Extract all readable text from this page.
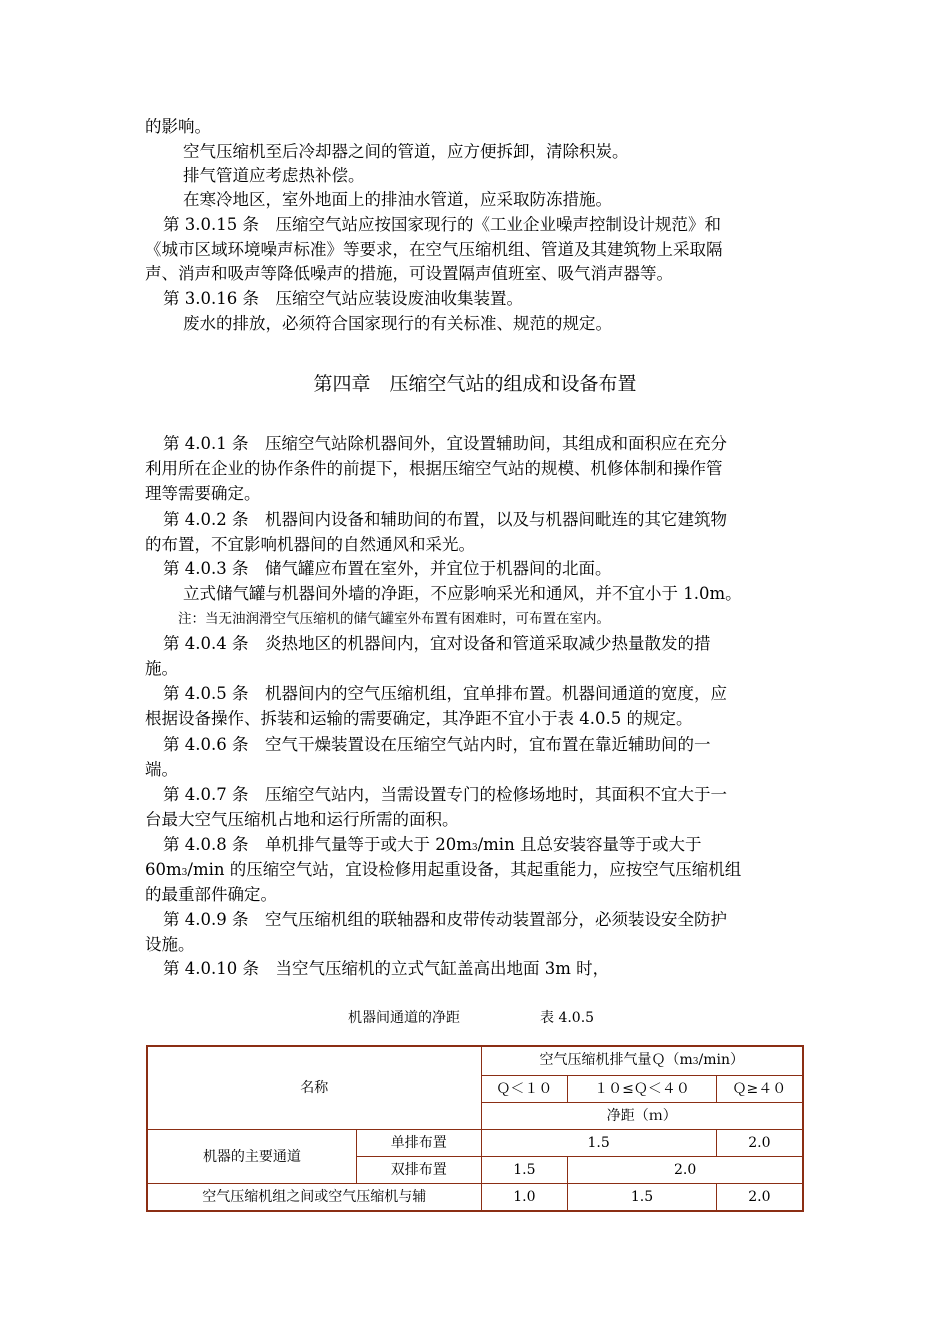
的影响。
空气压缩机至后冷却器之间的管道，应方便拆卸，清除积炭。
排气管道应考虑热补偿。
在寒冷地区，室外地面上的排油水管道，应采取防冻措施。
第 3.0.15 条　压缩空气站应按国家现行的《工业企业噪声控制设计规范》和
《城市区域环境噪声标准》等要求，在空气压缩机组、管道及其建筑物上采取隔
声、消声和吸声等降低噪声的措施，可设置隔声值班室、吸气消声器等。
第 3.0.16 条　压缩空气站应装设废油收集装置。
废水的排放，必须符合国家现行的有关标准、规范的规定。
第四章　压缩空气站的组成和设备布置
第 4.0.1 条　压缩空气站除机器间外，宜设置辅助间，其组成和面积应在充分
利用所在企业的协作条件的前提下，根据压缩空气站的规模、机修体制和操作管
理等需要确定。
第 4.0.2 条　机器间内设备和辅助间的布置，以及与机器间毗连的其它建筑物
的布置，不宜影响机器间的自然通风和采光。
第 4.0.3 条　储气罐应布置在室外，并宜位于机器间的北面。
立式储气罐与机器间外墙的净距，不应影响采光和通风，并不宜小于 1.0m。
注：当无油润滑空气压缩机的储气罐室外布置有困难时，可布置在室内。
第 4.0.4 条　炎热地区的机器间内，宜对设备和管道采取减少热量散发的措
施。
第 4.0.5 条　机器间内的空气压缩机组，宜单排布置。机器间通道的宽度，应
根据设备操作、拆装和运输的需要确定，其净距不宜小于表 4.0.5 的规定。
第 4.0.6 条　空气干燥装置设在压缩空气站内时，宜布置在靠近辅助间的一
端。
第 4.0.7 条　压缩空气站内，当需设置专门的检修场地时，其面积不宜大于一
台最大空气压缩机占地和运行所需的面积。
第 4.0.8 条　单机排气量等于或大于 20m3/min 且总安装容量等于或大于
60m3/min 的压缩空气站，宜设检修用起重设备，其起重能力，应按空气压缩机组
的最重部件确定。
第 4.0.9 条　空气压缩机组的联轴器和皮带传动装置部分，必须装设安全防护
设施。
第 4.0.10 条　当空气压缩机的立式气缸盖高出地面 3m 时，
机器间通道的净距	表 4.0.5
名称		空气压缩机排气量Ｑ（m3/min）		
		Ｑ＜１０	１０≤Ｑ＜４０	Ｑ≥４０
		净距（ｍ）		
机器的主要通道	单排布置	1.5		2.0
	双排布置	1.5	2.0	
空气压缩机组之间或空气压缩机与辅		1.0	1.5	2.0
